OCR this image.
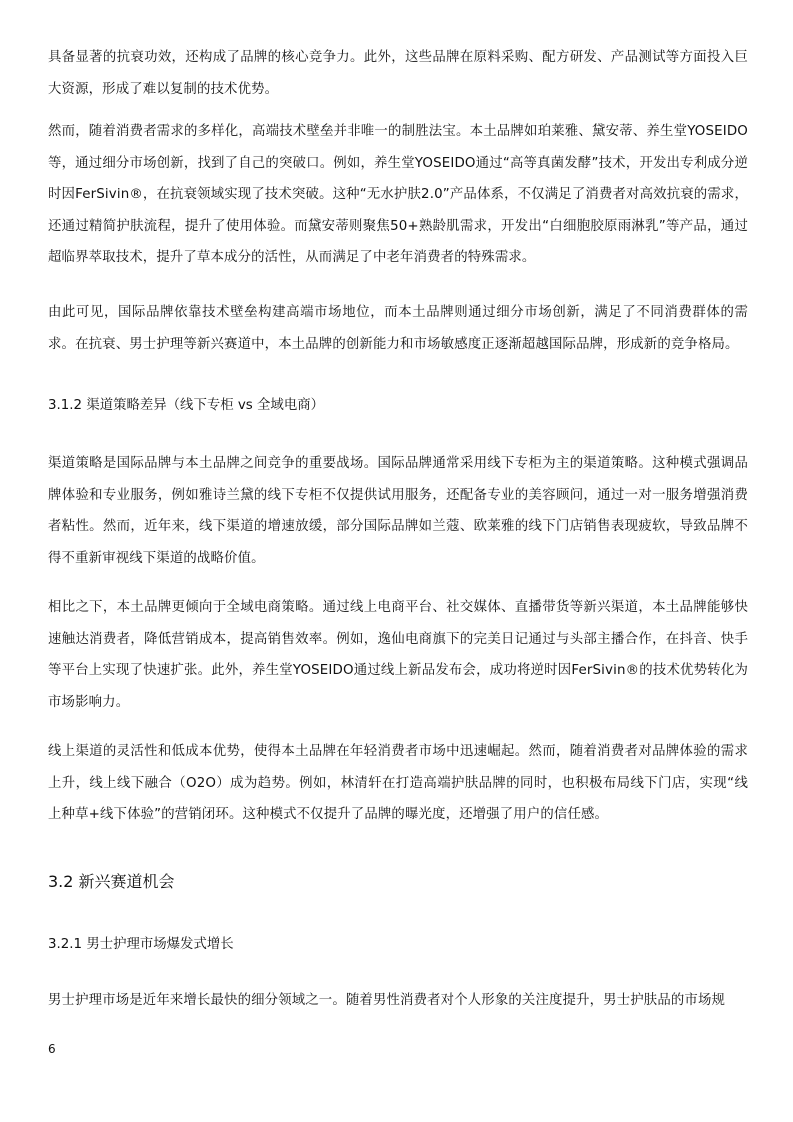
具备显著的抗衰功效，还构成了品牌的核心竞争力。此外，这些品牌在原料采购、配方研发、产品测试等方面投入巨大资源，形成了难以复制的技术优势。

然而，随着消费者需求的多样化，高端技术壁垒并非唯一的制胜法宝。本土品牌如珀莱雅、黛安蒂、养生堂YOSEIDO等，通过细分市场创新，找到了自己的突破口。例如，养生堂YOSEIDO通过“高等真菌发酵”技术，开发出专利成分逆时因FerSivin®，在抗衰领域实现了技术突破。这种“无水护肤2.0”产品体系，不仅满足了消费者对高效抗衰的需求，还通过精简护肤流程，提升了使用体验。而黛安蒂则聚焦50+熟龄肌需求，开发出“白细胞胶原雨淋乳”等产品，通过超临界萃取技术，提升了草本成分的活性，从而满足了中老年消费者的特殊需求。

由此可见，国际品牌依靠技术壁垒构建高端市场地位，而本土品牌则通过细分市场创新，满足了不同消费群体的需求。在抗衰、男士护理等新兴赛道中，本土品牌的创新能力和市场敏感度正逐渐超越国际品牌，形成新的竞争格局。

3.1.2 渠道策略差异（线下专柜 vs 全域电商）

渠道策略是国际品牌与本土品牌之间竞争的重要战场。国际品牌通常采用线下专柜为主的渠道策略。这种模式强调品牌体验和专业服务，例如雅诗兰黛的线下专柜不仅提供试用服务，还配备专业的美容顾问，通过一对一服务增强消费者粘性。然而，近年来，线下渠道的增速放缓，部分国际品牌如兰蔻、欧莱雅的线下门店销售表现疲软，导致品牌不得不重新审视线下渠道的战略价值。

相比之下，本土品牌更倾向于全域电商策略。通过线上电商平台、社交媒体、直播带货等新兴渠道，本土品牌能够快速触达消费者，降低营销成本，提高销售效率。例如，逸仙电商旗下的完美日记通过与头部主播合作，在抖音、快手等平台上实现了快速扩张。此外，养生堂YOSEIDO通过线上新品发布会，成功将逆时因FerSivin®的技术优势转化为市场影响力。

线上渠道的灵活性和低成本优势，使得本土品牌在年轻消费者市场中迅速崛起。然而，随着消费者对品牌体验的需求上升，线上线下融合（O2O）成为趋势。例如，林清轩在打造高端护肤品牌的同时，也积极布局线下门店，实现“线上种草+线下体验”的营销闭环。这种模式不仅提升了品牌的曝光度，还增强了用户的信任感。

3.2 新兴赛道机会
3.2.1 男士护理市场爆发式增长

男士护理市场是近年来增长最快的细分领域之一。随着男性消费者对个人形象的关注度提升，男士护肤品的市场规

6
